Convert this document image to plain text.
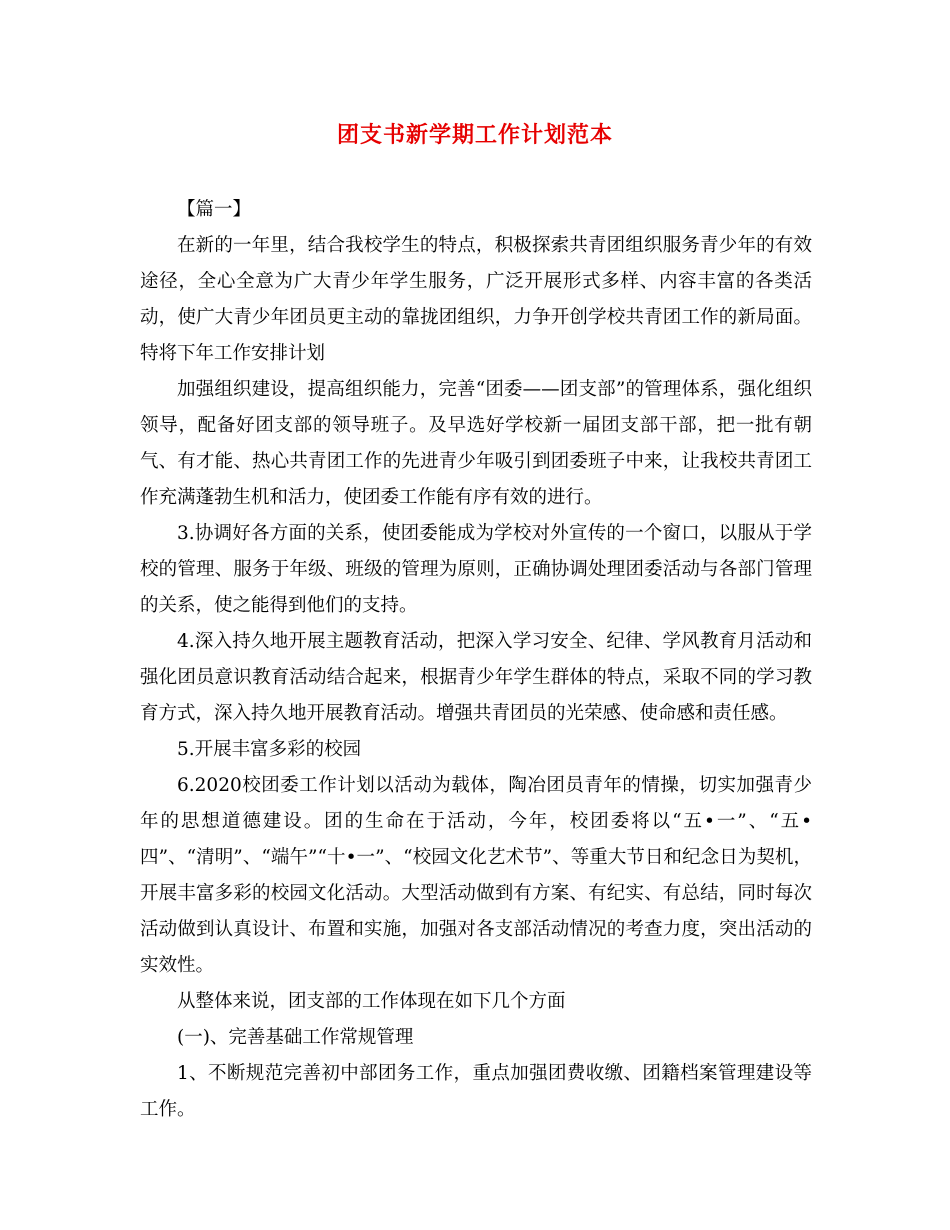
团支书新学期工作计划范本

【篇一】

在新的一年里，结合我校学生的特点，积极探索共青团组织服务青少年的有效途径，全心全意为广大青少年学生服务，广泛开展形式多样、内容丰富的各类活动，使广大青少年团员更主动的靠拢团组织，力争开创学校共青团工作的新局面。特将下年工作安排计划

加强组织建设，提高组织能力，完善“团委——团支部”的管理体系，强化组织领导，配备好团支部的领导班子。及早选好学校新一届团支部干部，把一批有朝气、有才能、热心共青团工作的先进青少年吸引到团委班子中来，让我校共青团工作充满蓬勃生机和活力，使团委工作能有序有效的进行。

3.协调好各方面的关系，使团委能成为学校对外宣传的一个窗口，以服从于学校的管理、服务于年级、班级的管理为原则，正确协调处理团委活动与各部门管理的关系，使之能得到他们的支持。

4.深入持久地开展主题教育活动，把深入学习安全、纪律、学风教育月活动和强化团员意识教育活动结合起来，根据青少年学生群体的特点，采取不同的学习教育方式，深入持久地开展教育活动。增强共青团员的光荣感、使命感和责任感。

5.开展丰富多彩的校园

6.2020校团委工作计划以活动为载体，陶冶团员青年的情操，切实加强青少年的思想道德建设。团的生命在于活动，今年，校团委将以“五•一”、“五•四”、“清明”、“端午”“十•一”、“校园文化艺术节”、等重大节日和纪念日为契机，开展丰富多彩的校园文化活动。大型活动做到有方案、有纪实、有总结，同时每次活动做到认真设计、布置和实施，加强对各支部活动情况的考查力度，突出活动的实效性。

从整体来说，团支部的工作体现在如下几个方面

(一)、完善基础工作常规管理

1、不断规范完善初中部团务工作，重点加强团费收缴、团籍档案管理建设等工作。
